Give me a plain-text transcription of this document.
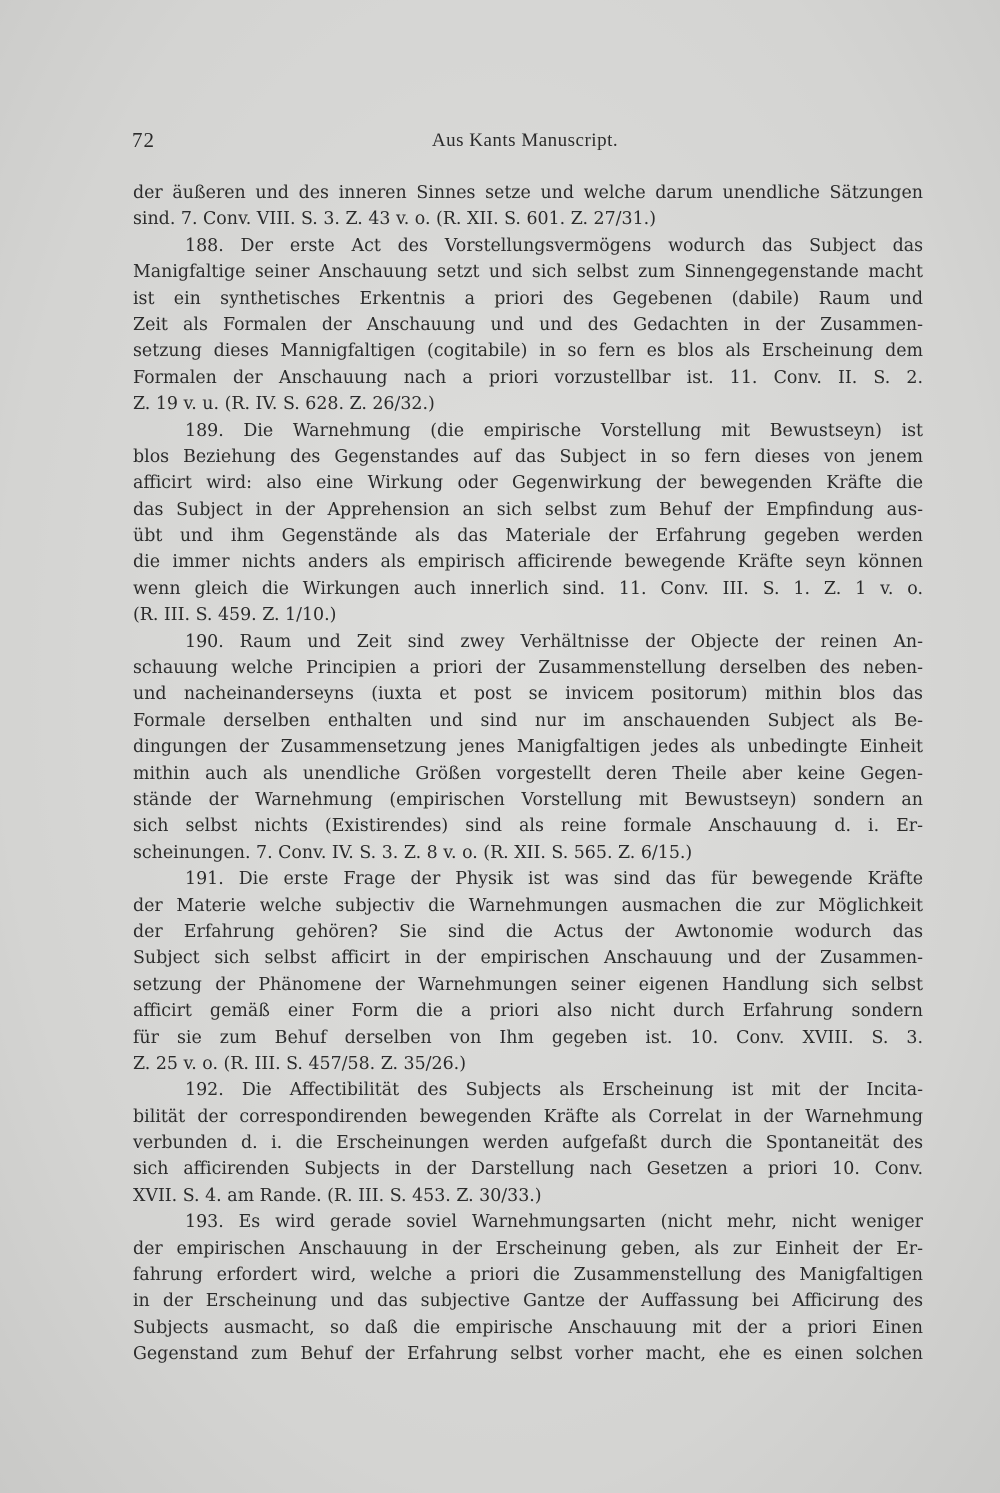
72	Aus Kants Manuscript.
der äußeren und des inneren Sinnes setze und welche darum unendliche Sätzungen
sind. 7. Conv. VIII. S. 3. Z. 43 v. o. (R. XII. S. 601. Z. 27/31.)
188. Der erste Act des Vorstellungsvermögens wodurch das Subject das
Manigfaltige seiner Anschauung setzt und sich selbst zum Sinnengegenstande macht
ist ein synthetisches Erkentnis a priori des Gegebenen (dabile) Raum und
Zeit als Formalen der Anschauung und und des Gedachten in der Zusammen-
setzung dieses Mannigfaltigen (cogitabile) in so fern es blos als Erscheinung dem
Formalen der Anschauung nach a priori vorzustellbar ist. 11. Conv. II. S. 2.
Z. 19 v. u. (R. IV. S. 628. Z. 26/32.)
189. Die Warnehmung (die empirische Vorstellung mit Bewustseyn) ist
blos Beziehung des Gegenstandes auf das Subject in so fern dieses von jenem
afficirt wird: also eine Wirkung oder Gegenwirkung der bewegenden Kräfte die
das Subject in der Apprehension an sich selbst zum Behuf der Empfindung aus-
übt und ihm Gegenstände als das Materiale der Erfahrung gegeben werden
die immer nichts anders als empirisch afficirende bewegende Kräfte seyn können
wenn gleich die Wirkungen auch innerlich sind. 11. Conv. III. S. 1. Z. 1 v. o.
(R. III. S. 459. Z. 1/10.)
190. Raum und Zeit sind zwey Verhältnisse der Objecte der reinen An-
schauung welche Principien a priori der Zusammenstellung derselben des neben-
und nacheinanderseyns (iuxta et post se invicem positorum) mithin blos das
Formale derselben enthalten und sind nur im anschauenden Subject als Be-
dingungen der Zusammensetzung jenes Manigfaltigen jedes als unbedingte Einheit
mithin auch als unendliche Größen vorgestellt deren Theile aber keine Gegen-
stände der Warnehmung (empirischen Vorstellung mit Bewustseyn) sondern an
sich selbst nichts (Existirendes) sind als reine formale Anschauung d. i. Er-
scheinungen. 7. Conv. IV. S. 3. Z. 8 v. o. (R. XII. S. 565. Z. 6/15.)
191. Die erste Frage der Physik ist was sind das für bewegende Kräfte
der Materie welche subjectiv die Warnehmungen ausmachen die zur Möglichkeit
der Erfahrung gehören? Sie sind die Actus der Awtonomie wodurch das
Subject sich selbst afficirt in der empirischen Anschauung und der Zusammen-
setzung der Phänomene der Warnehmungen seiner eigenen Handlung sich selbst
afficirt gemäß einer Form die a priori also nicht durch Erfahrung sondern
für sie zum Behuf derselben von Ihm gegeben ist. 10. Conv. XVIII. S. 3.
Z. 25 v. o. (R. III. S. 457/58. Z. 35/26.)
192. Die Affectibilität des Subjects als Erscheinung ist mit der Incita-
bilität der correspondirenden bewegenden Kräfte als Correlat in der Warnehmung
verbunden d. i. die Erscheinungen werden aufgefaßt durch die Spontaneität des
sich afficirenden Subjects in der Darstellung nach Gesetzen a priori 10. Conv.
XVII. S. 4. am Rande. (R. III. S. 453. Z. 30/33.)
193. Es wird gerade soviel Warnehmungsarten (nicht mehr, nicht weniger
der empirischen Anschauung in der Erscheinung geben, als zur Einheit der Er-
fahrung erfordert wird, welche a priori die Zusammenstellung des Manigfaltigen
in der Erscheinung und das subjective Gantze der Auffassung bei Afficirung des
Subjects ausmacht, so daß die empirische Anschauung mit der a priori Einen
Gegenstand zum Behuf der Erfahrung selbst vorher macht, ehe es einen solchen
